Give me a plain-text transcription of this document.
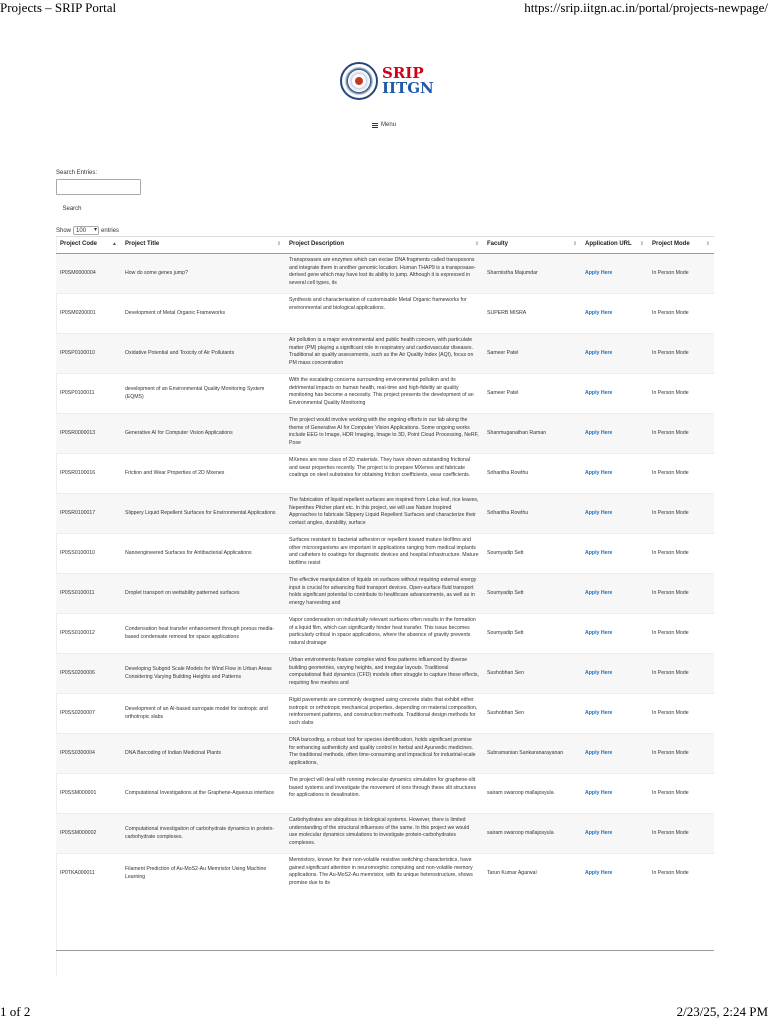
Projects – SRIP Portal	https://srip.iitgn.ac.in/portal/projects-newpage/
SRIP
IITGN
Menu
Search Entries:
Search
Show 100 ▾	entries
Project Code ▲	Project Title ⇕	Project Description ⇕	Faculty ⇕	Application URL ⇕	Project Mode ⇕

IP0SM0000004	How do some genes jump?	Transposases are enzymes which can excise DNA fragments called transposons and integrate them in another genomic location. Human THAP9 is a transposase-derived gene which may have lost its ability to jump. Although it is expressed in several cell types, its	Sharmistha Majumdar	Apply Here	In Person Mode
IP0SM0200001	Development of Metal Organic Frameworks	Synthesis and characterisation of customisable Metal Organic frameworks for environmental and biological applications.	SUPERB MISRA	Apply Here	In Person Mode
IP0SP0100010	Oxidative Potential and Toxicity of Air Pollutants	Air pollution is a major environmental and public health concern, with particulate matter (PM) playing a significant role in respiratory and cardiovascular diseases. Traditional air quality assessments, such as the Air Quality Index (AQI), focus on PM mass concentration	Sameer Patel	Apply Here	In Person Mode
IP0SP0100011	development of an Environmental Quality Monitoring System (EQMS)	With the escalating concerns surrounding environmental pollution and its detrimental impacts on human health, real-time and high-fidelity air quality monitoring has become a necessity. This project presents the development of an Environmental Quality Monitoring	Sameer Patel	Apply Here	In Person Mode
IP0SR0000013	Generative AI for Computer Vision Applications	The project would involve working with the ongoing efforts in our lab along the theme of Generative AI for Computer Vision Applications. Some ongoing works include EEG to Image, HDR Imaging, Image to 3D, Point Cloud Processing, NeRF, Pose	Shanmuganathan Raman	Apply Here	In Person Mode
IP0SR0100016	Friction and Wear Properties of 2D Mxenes	MXenes are new class of 2D materials. They have shown outstanding frictional and wear properties recently. The project is to prepare MXenes and fabricate coatings on steel substrates for obtaining friction coefficients, wear coefficients.	Sriharitha Rowthu	Apply Here	In Person Mode
IP0SR0100017	Slippery Liquid Repellent Surfaces for Environmental Applications	The fabrication of liquid repellent surfaces are inspired from Lotus leaf, rice leaves, Nepenthes Pitcher plant etc. In this project, we will use Nature Inspired Approaches to fabricate Slippery Liquid Repellent Surfaces and characterize their contact angles, durability, surface	Sriharitha Rowthu	Apply Here	In Person Mode
IP0SS0100010	Nanoengineered Surfaces for Antibacterial Applications	Surfaces resistant to bacterial adhesion or repellent toward mature biofilms and other microorganisms are important in applications ranging from medical implants and catheters to coatings for diagnostic devices and hospital infrastructure. Mature biofilms resist	Soumyadip Sett	Apply Here	In Person Mode
IP0SS0100011	Droplet transport on wettability patterned surfaces	The effective manipulation of liquids on surfaces without requiring external energy input is crucial for advancing fluid transport devices. Open-surface fluid transport holds significant potential to contribute to healthcare advancements, as well as in energy harvesting and	Soumyadip Sett	Apply Here	In Person Mode
IP0SS0100012	Condensation heat transfer enhancement through porous media-based condensate removal for space applications	Vapor condensation on industrially relevant surfaces often results in the formation of a liquid film, which can significantly hinder heat transfer. This issue becomes particularly critical in space applications, where the absence of gravity prevents natural drainage	Soumyadip Sett	Apply Here	In Person Mode
IP0SS0200006	Developing Subgrid Scale Models for Wind Flow in Urban Areas Considering Varying Building Heights and Patterns	Urban environments feature complex wind flow patterns influenced by diverse building geometries, varying heights, and irregular layouts. Traditional computational fluid dynamics (CFD) models often struggle to capture these effects, requiring fine meshes and	Sushobhan Sen	Apply Here	In Person Mode
IP0SS0200007	Development of an AI-based surrogate model for isotropic and orthotropic slabs	Rigid pavements are commonly designed using concrete slabs that exhibit either isotropic or orthotropic mechanical properties, depending on material composition, reinforcement patterns, and construction methods. Traditional design methods for such slabs	Sushobhan Sen	Apply Here	In Person Mode
IP0SS0300004	DNA Barcoding of Indian Medicinal Plants	DNA barcoding, a robust tool for species identification, holds significant promise for enhancing authenticity and quality control in herbal and Ayurvedic medicines. The traditional methods, often time-consuming and impractical for industrial-scale applications,	Subramanian Sankaranarayanan	Apply Here	In Person Mode
IP0SSM000001	Computational Investigations at the Graphene-Aqueous interface	The project will deal with running molecular dynamics simulation for graphene-slit based systems and investigate the movement of ions through these slit structures for applications in desalination.	sairam swaroop mallajosyula	Apply Here	In Person Mode
IP0SSM000002	Computational investigation of carbohydrate dynamics in protein-carbohydrate complexes.	Carbohydrates are ubiquitous in biological systems. However, there is limited understanding of the structural influences of the same. In this project we would use molecular dynamics simulations to investigate protein-carbohydrates complexes.	sairam swaroop mallajosyula	Apply Here	In Person Mode
IP0TKA000011	Filament Prediction of Au-MoS2-Au Memristor Using Machine Learning	Memristors, known for their non-volatile resistive switching characteristics, have gained significant attention in neuromorphic computing and non-volatile memory applications. The Au-MoS2-Au memristor, with its unique heterostructure, shows promise due to its	Tarun Kumar Agarwal	Apply Here	In Person Mode
1 of 2	2/23/25, 2:24 PM
